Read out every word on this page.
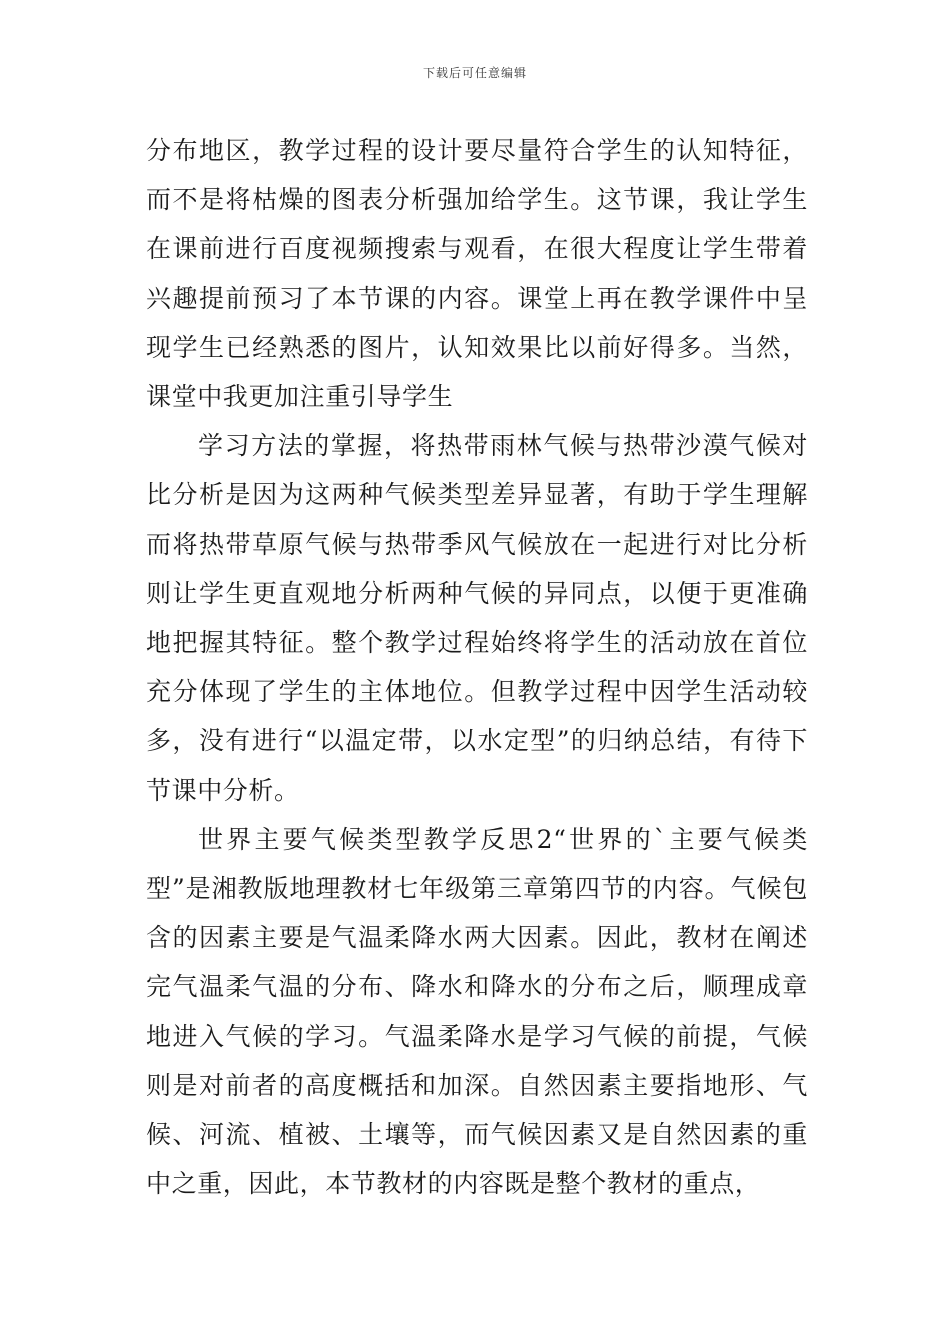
下载后可任意编辑

分布地区，教学过程的设计要尽量符合学生的认知特征，而不是将枯燥的图表分析强加给学生。这节课，我让学生在课前进行百度视频搜索与观看，在很大程度让学生带着兴趣提前预习了本节课的内容。课堂上再在教学课件中呈现学生已经熟悉的图片，认知效果比以前好得多。当然，课堂中我更加注重引导学生

学习方法的掌握，将热带雨林气候与热带沙漠气候对比分析是因为这两种气候类型差异显著，有助于学生理解而将热带草原气候与热带季风气候放在一起进行对比分析则让学生更直观地分析两种气候的异同点，以便于更准确地把握其特征。整个教学过程始终将学生的活动放在首位充分体现了学生的主体地位。但教学过程中因学生活动较多，没有进行“以温定带，以水定型”的归纳总结，有待下节课中分析。

世界主要气候类型教学反思2“世界的`主要气候类型”是湘教版地理教材七年级第三章第四节的内容。气候包含的因素主要是气温柔降水两大因素。因此，教材在阐述完气温柔气温的分布、降水和降水的分布之后，顺理成章地进入气候的学习。气温柔降水是学习气候的前提，气候则是对前者的高度概括和加深。自然因素主要指地形、气候、河流、植被、土壤等，而气候因素又是自然因素的重中之重，因此，本节教材的内容既是整个教材的重点，
